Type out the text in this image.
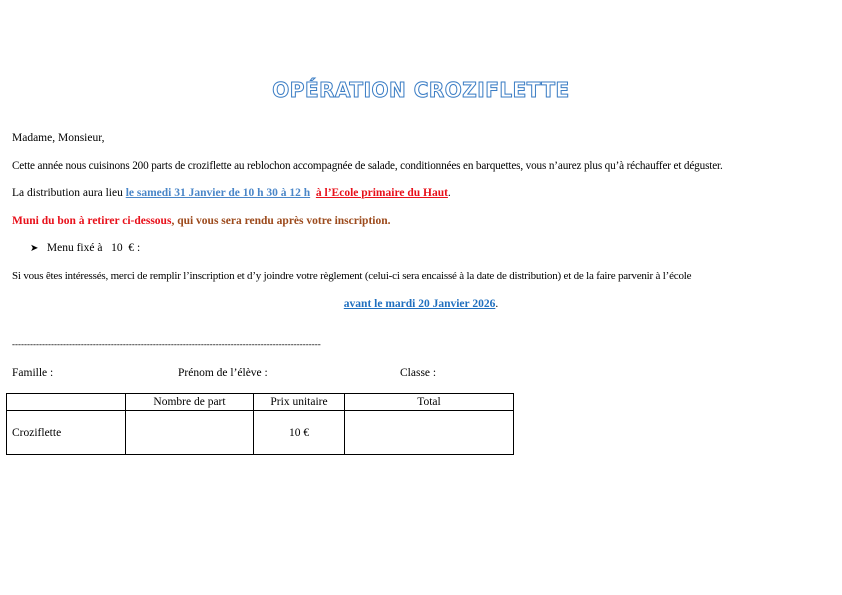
OPÉRATION CROZIFLETTE
Madame, Monsieur,
Cette année nous cuisinons 200 parts de croziflette au reblochon accompagnée de salade, conditionnées en barquettes, vous n’aurez plus qu’à réchauffer et déguster.
La distribution aura lieu le samedi 31 Janvier de 10 h 30 à 12 h à l’Ecole primaire du Haut.
Muni du bon à retirer ci-dessous, qui vous sera rendu après votre inscription.
➤ Menu fixé à 10 € :
Si vous êtes intéressés, merci de remplir l’inscription et d’y joindre votre règlement (celui-ci sera encaissé à la date de distribution) et de la faire parvenir à l’école
avant le mardi 20 Janvier 2026.
-------------------------------------------------------------------------------------------------------
Famille :	Prénom de l’élève :	Classe :
	Nombre de part	Prix unitaire	Total
Croziflette		10 €	
